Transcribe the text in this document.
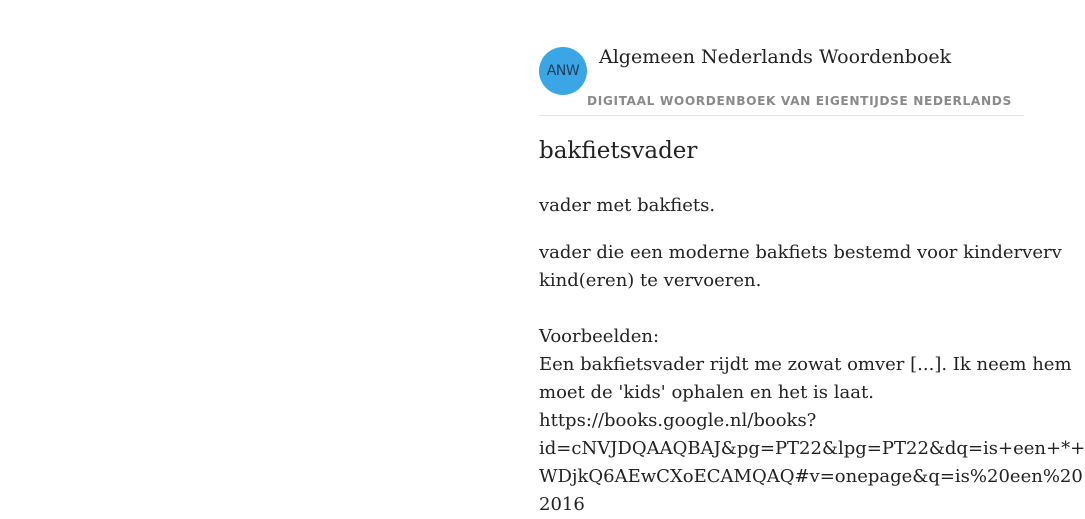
ANW
Algemeen Nederlands Woordenboek
DIGITAAL WOORDENBOEK VAN EIGENTIJDSE NEDERLANDS
bakfietsvader
vader met bakfiets.
vader die een moderne bakfiets bestemd voor kinderverv
kind(eren) te vervoeren.
Voorbeelden:
Een bakfietsvader rijdt me zowat omver [...]. Ik neem hem
moet de 'kids' ophalen en het is laat.
https://books.google.nl/books?
id=cNVJDQAAQBAJ&pg=PT22&lpg=PT22&dq=is+een+*+
WDjkQ6AEwCXoECAMQAQ#v=onepage&q=is%20een%20
2016
